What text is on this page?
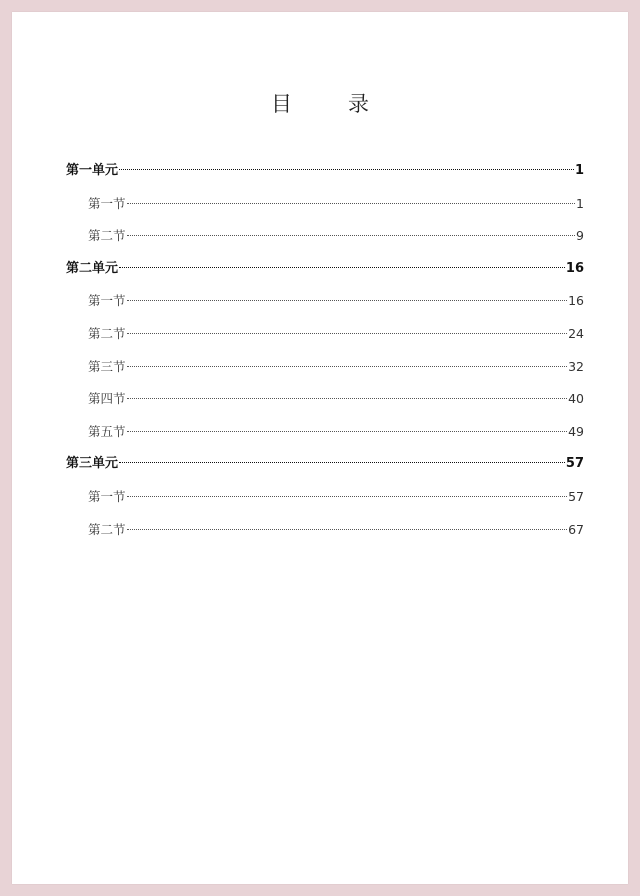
目	录
第一单元	1
第一节	1
第二节	9
第二单元	16
第一节	16
第二节	24
第三节	32
第四节	40
第五节	49
第三单元	57
第一节	57
第二节	67
